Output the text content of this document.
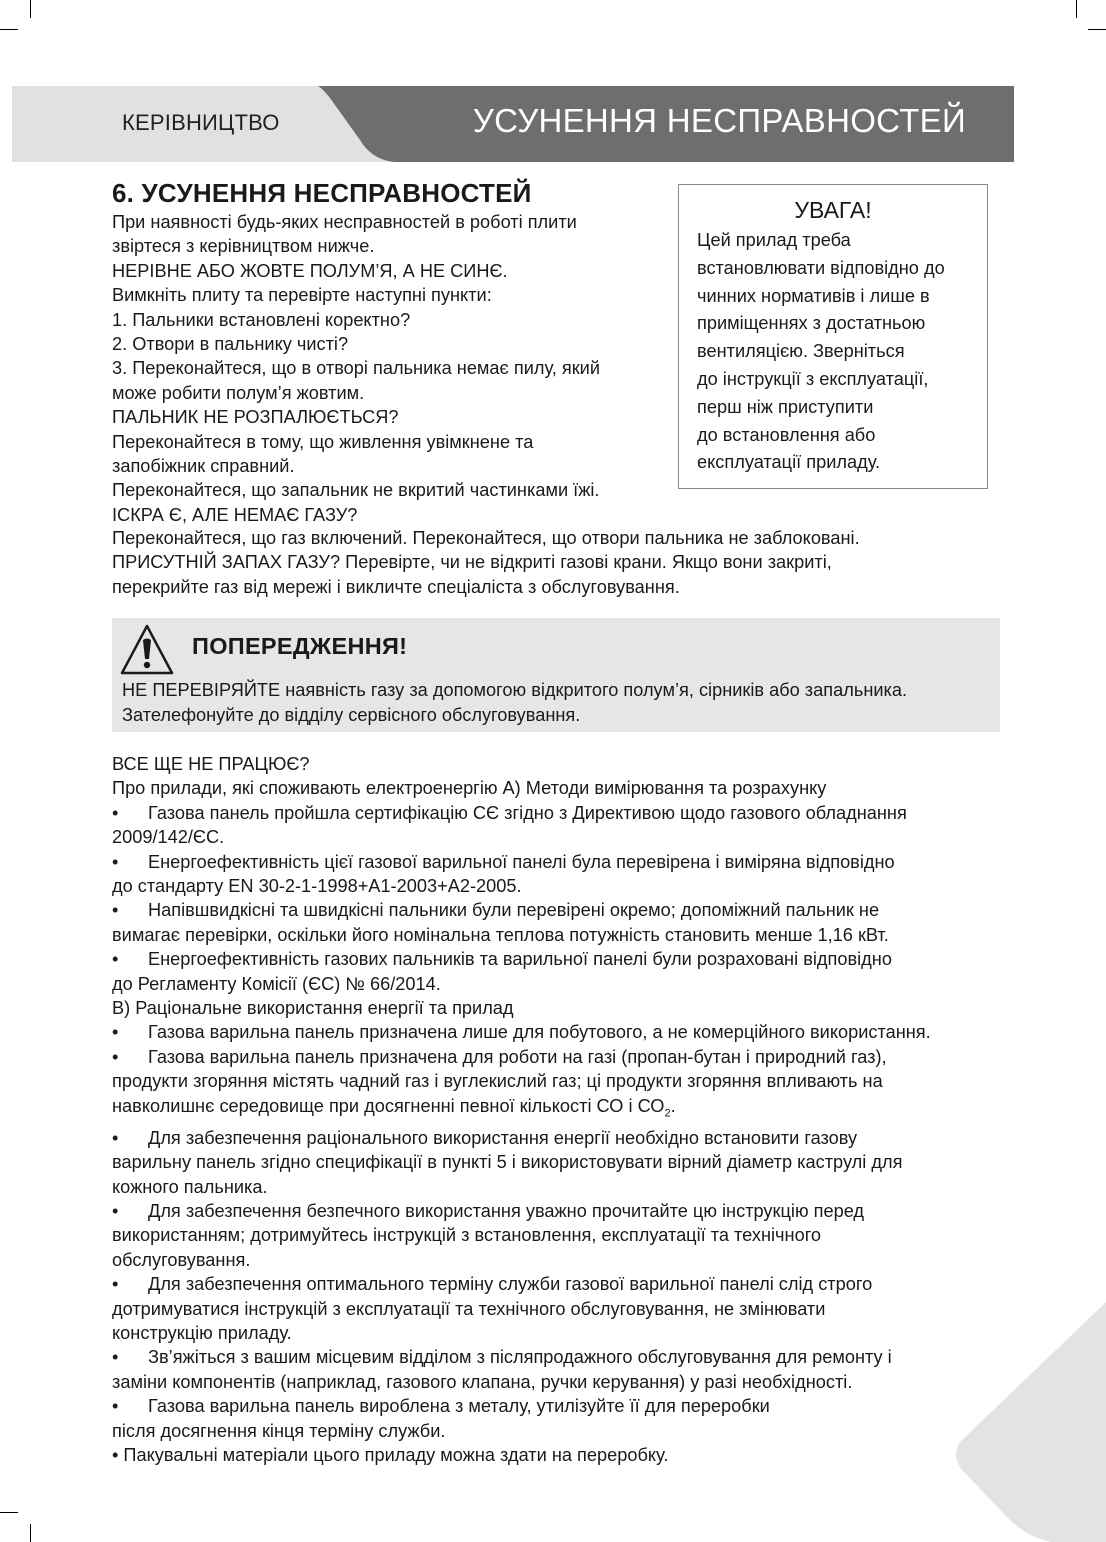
КЕРІВНИЦТВО	УСУНЕННЯ НЕСПРАВНОСТЕЙ
6. УСУНЕННЯ НЕСПРАВНОСТЕЙ
При наявності будь-яких несправностей в роботі плити
звіртеся з керівництвом нижче.
НЕРІВНЕ АБО ЖОВТЕ ПОЛУМ’Я, А НЕ СИНЄ.
Вимкніть плиту та перевірте наступні пункти:
1. Пальники встановлені коректно?
2. Отвори в пальнику чисті?
3. Переконайтеся, що в отворі пальника немає пилу, який
може робити полум’я жовтим.
ПАЛЬНИК НЕ РОЗПАЛЮЄТЬСЯ?
Переконайтеся в тому, що живлення увімкнене та
запобіжник справний.
Переконайтеся, що запальник не вкритий частинками їжі.
ІСКРА Є, АЛЕ НЕМАЄ ГАЗУ?
Переконайтеся, що газ включений. Переконайтеся, що отвори пальника не заблоковані.
ПРИСУТНІЙ ЗАПАХ ГАЗУ? Перевірте, чи не відкриті газові крани. Якщо вони закриті,
перекрийте газ від мережі і викличте спеціаліста з обслуговування.
УВАГА!
Цей прилад треба
встановлювати відповідно до
чинних нормативів і лише в
приміщеннях з достатньою
вентиляцією. Зверніться
до інструкції з експлуатації,
перш ніж приступити
до встановлення або
експлуатації приладу.
ПОПЕРЕДЖЕННЯ!
НЕ ПЕРЕВІРЯЙТЕ наявність газу за допомогою відкритого полум’я, сірників або запальника.
Зателефонуйте до відділу сервісного обслуговування.
ВСЕ ЩЕ НЕ ПРАЦЮЄ?
Про прилади, які споживають електроенергію А) Методи вимірювання та розрахунку
• Газова панель пройшла сертифікацію СЄ згідно з Директивою щодо газового обладнання
2009/142/ЄС.
• Енергоефективність цієї газової варильної панелі була перевірена і виміряна відповідно
до стандарту EN 30-2-1-1998+A1-2003+A2-2005.
• Напівшвидкісні та швидкісні пальники були перевірені окремо; допоміжний пальник не
вимагає перевірки, оскільки його номінальна теплова потужність становить менше 1,16 кВт.
• Енергоефективність газових пальників та варильної панелі були розраховані відповідно
до Регламенту Комісії (ЄС) № 66/2014.
В) Раціональне використання енергії та прилад
• Газова варильна панель призначена лише для побутового, а не комерційного використання.
• Газова варильна панель призначена для роботи на газі (пропан-бутан і природний газ),
продукти згоряння містять чадний газ і вуглекислий газ; ці продукти згоряння впливають на
навколишнє середовище при досягненні певної кількості СО і $СО_2$.
• Для забезпечення раціонального використання енергії необхідно встановити газову
варильну панель згідно специфікації в пункті 5 і використовувати вірний діаметр каструлі для
кожного пальника.
• Для забезпечення безпечного використання уважно прочитайте цю інструкцію перед
використанням; дотримуйтесь інструкцій з встановлення, експлуатації та технічного
обслуговування.
• Для забезпечення оптимального терміну служби газової варильної панелі слід строго
дотримуватися інструкцій з експлуатації та технічного обслуговування, не змінювати
конструкцію приладу.
• Зв’яжіться з вашим місцевим відділом з післяпродажного обслуговування для ремонту і
заміни компонентів (наприклад, газового клапана, ручки керування) у разі необхідності.
• Газова варильна панель вироблена з металу, утилізуйте її для переробки
після досягнення кінця терміну служби.
• Пакувальні матеріали цього приладу можна здати на переробку.
